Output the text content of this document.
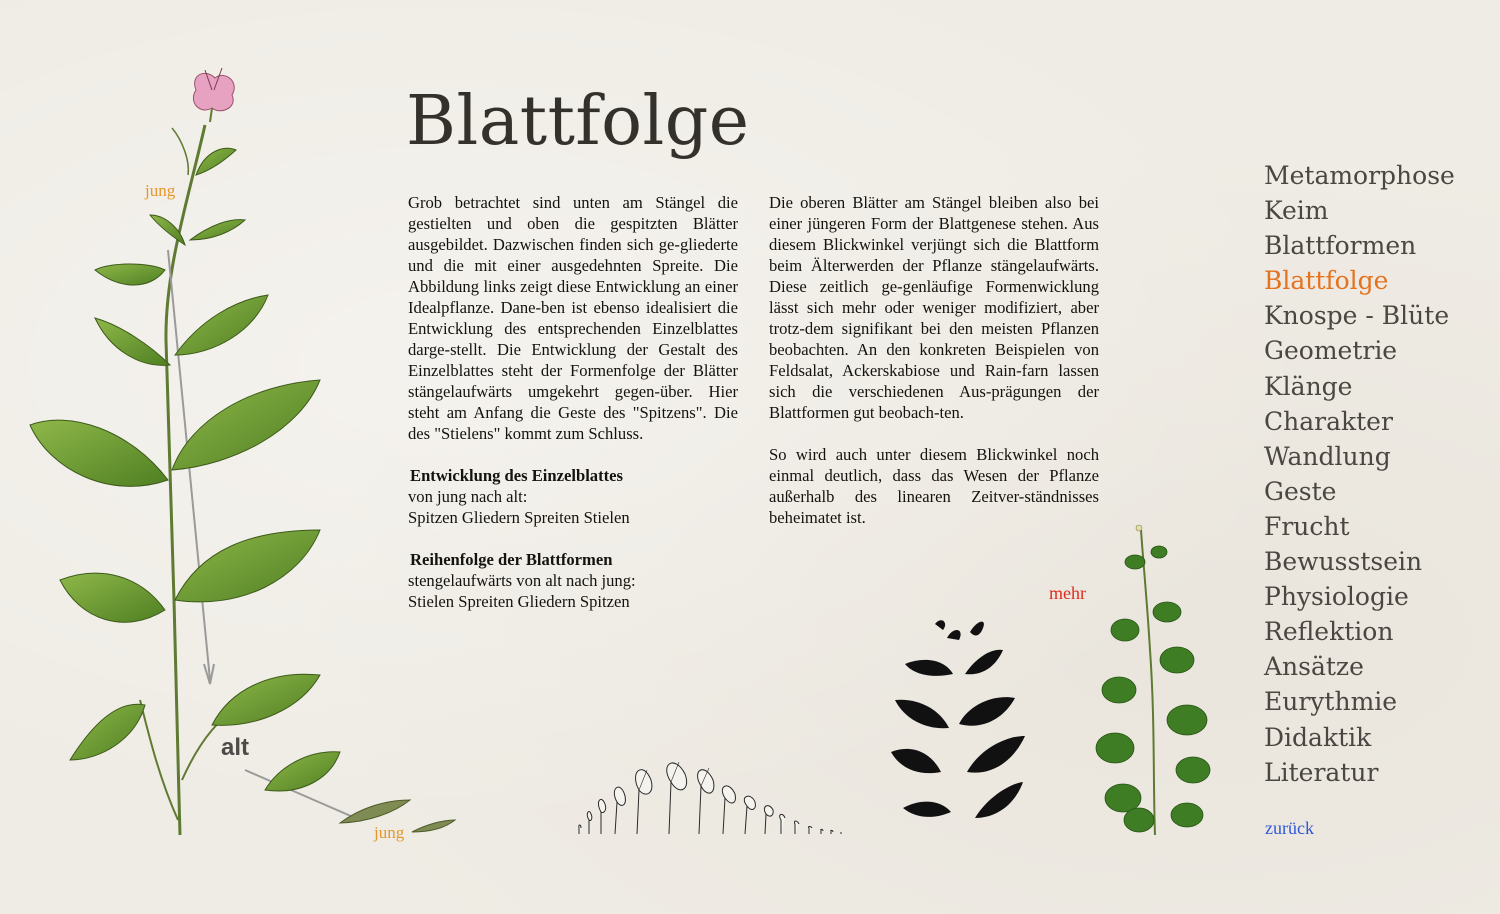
jung
alt
jung
Blattfolge

Grob betrachtet sind unten am Stängel die gestielten und oben die gespitzten Blätter ausgebildet. Dazwischen finden sich ge-gliederte und die mit einer ausgedehnten Spreite. Die Abbildung links zeigt diese Entwicklung an einer Idealpflanze. Dane-ben ist ebenso idealisiert die Entwicklung des entsprechenden Einzelblattes darge-stellt. Die Entwicklung der Gestalt des Einzelblattes steht der Formenfolge der Blätter stängelaufwärts umgekehrt gegen-über. Hier steht am Anfang die Geste des "Spitzens". Die des "Stielens" kommt zum Schluss.

Entwicklung des Einzelblattes

von jung nach alt:

Spitzen Gliedern Spreiten Stielen

Reihenfolge der Blattformen

stengelaufwärts von alt nach jung:

Stielen Spreiten Gliedern Spitzen

Die oberen Blätter am Stängel bleiben also bei einer jüngeren Form der Blattgenese stehen. Aus diesem Blickwinkel verjüngt sich die Blattform beim Älterwerden der Pflanze stängelaufwärts. Diese zeitlich ge-genläufige Formenwicklung lässt sich mehr oder weniger modifiziert, aber trotz-dem signifikant bei den meisten Pflanzen beobachten. An den konkreten Beispielen von Feldsalat, Ackerskabiose und Rain-farn lassen sich die verschiedenen Aus-prägungen der Blattformen gut beobach-ten.

So wird auch unter diesem Blickwinkel noch einmal deutlich, dass das Wesen der Pflanze außerhalb des linearen Zeitver-ständnisses beheimatet ist.

mehr
Metamorphose
Keim
Blattformen
Blattfolge
Knospe - Blüte
Geometrie
Klänge
Charakter
Wandlung
Geste
Frucht
Bewusstsein
Physiologie
Reflektion
Ansätze
Eurythmie
Didaktik
Literatur
zurück
